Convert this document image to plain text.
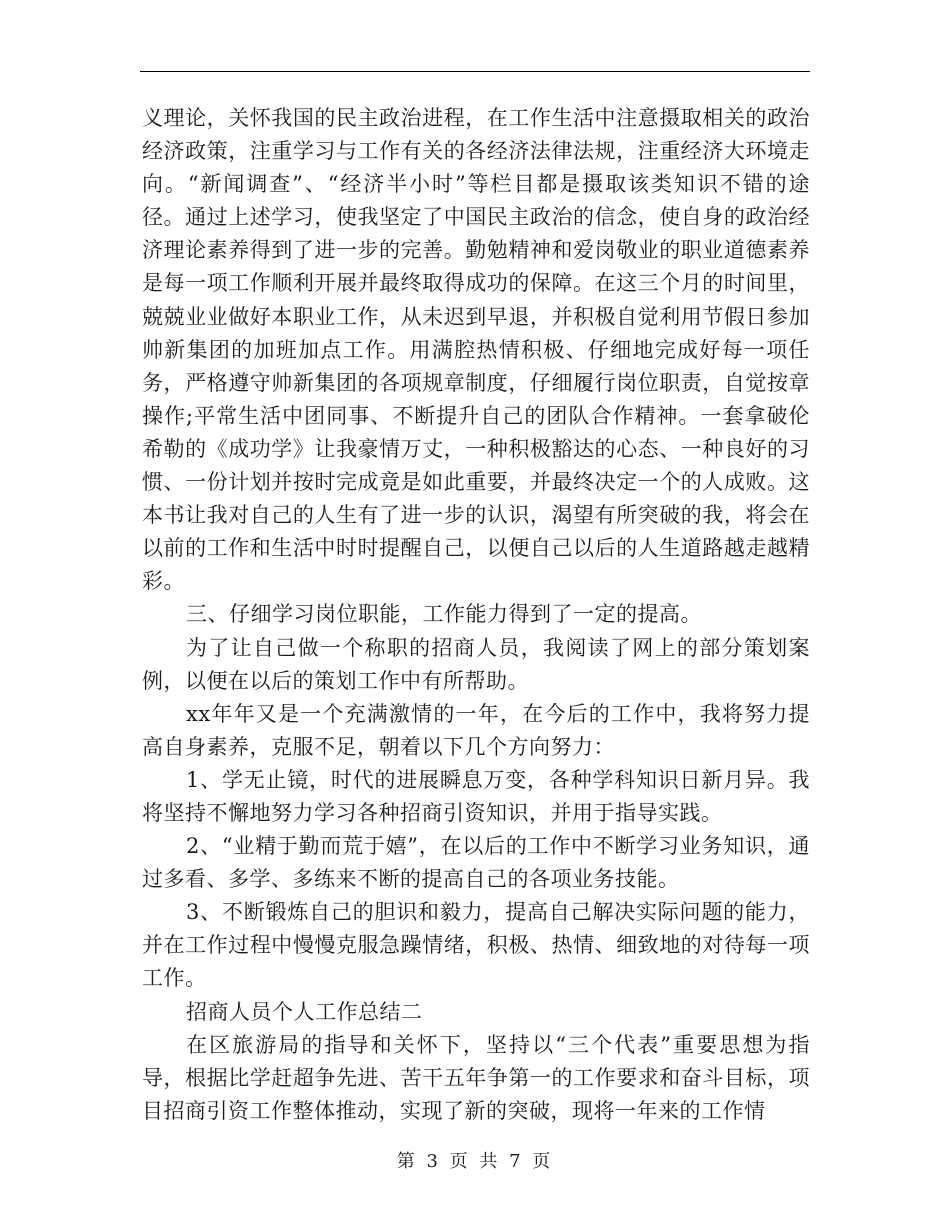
义理论，关怀我国的民主政治进程，在工作生活中注意摄取相关的政治经济政策，注重学习与工作有关的各经济法律法规，注重经济大环境走向。“新闻调查”、“经济半小时”等栏目都是摄取该类知识不错的途径。通过上述学习，使我坚定了中国民主政治的信念，使自身的政治经济理论素养得到了进一步的完善。勤勉精神和爱岗敬业的职业道德素养是每一项工作顺利开展并最终取得成功的保障。在这三个月的时间里，兢兢业业做好本职业工作，从未迟到早退，并积极自觉利用节假日参加帅新集团的加班加点工作。用满腔热情积极、仔细地完成好每一项任务，严格遵守帅新集团的各项规章制度，仔细履行岗位职责，自觉按章操作;平常生活中团同事、不断提升自己的团队合作精神。一套拿破伦希勒的《成功学》让我豪情万丈，一种积极豁达的心态、一种良好的习惯、一份计划并按时完成竟是如此重要，并最终决定一个的人成败。这本书让我对自己的人生有了进一步的认识，渴望有所突破的我，将会在以前的工作和生活中时时提醒自己，以便自己以后的人生道路越走越精彩。

三、仔细学习岗位职能，工作能力得到了一定的提高。

为了让自己做一个称职的招商人员，我阅读了网上的部分策划案例，以便在以后的策划工作中有所帮助。

xx年年又是一个充满激情的一年，在今后的工作中，我将努力提高自身素养，克服不足，朝着以下几个方向努力：

1、学无止镜，时代的进展瞬息万变，各种学科知识日新月异。我将坚持不懈地努力学习各种招商引资知识，并用于指导实践。

2、“业精于勤而荒于嬉”，在以后的工作中不断学习业务知识，通过多看、多学、多练来不断的提高自己的各项业务技能。

3、不断锻炼自己的胆识和毅力，提高自己解决实际问题的能力，并在工作过程中慢慢克服急躁情绪，积极、热情、细致地的对待每一项工作。

招商人员个人工作总结二

在区旅游局的指导和关怀下，坚持以“三个代表”重要思想为指导，根据比学赶超争先进、苦干五年争第一的工作要求和奋斗目标，项目招商引资工作整体推动，实现了新的突破，现将一年来的工作情

第 3 页 共 7 页
